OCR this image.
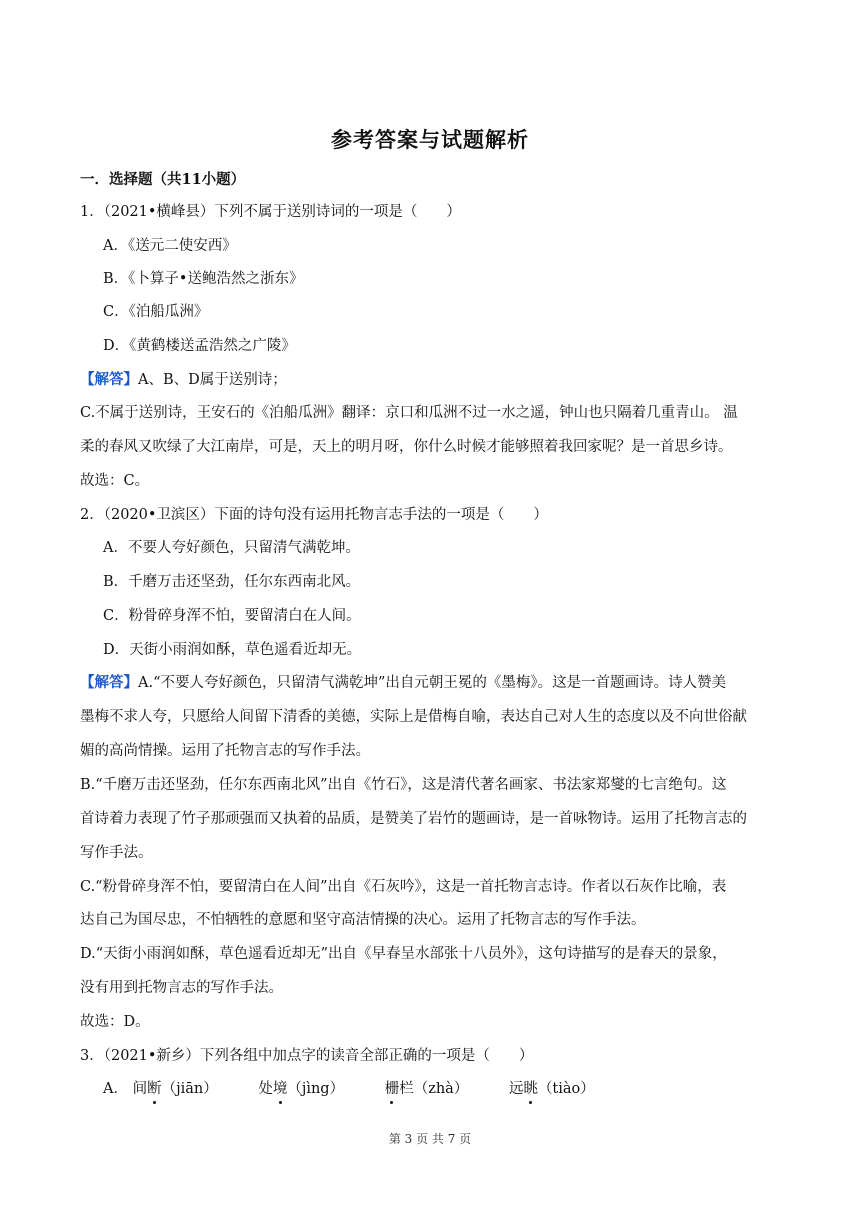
参考答案与试题解析
一．选择题（共11小题）
1．（2021•横峰县）下列不属于送别诗词的一项是（　　）
A．《送元二使安西》
B．《卜算子•送鲍浩然之浙东》
C．《泊船瓜洲》
D．《黄鹤楼送孟浩然之广陵》
【解答】A、B、D属于送别诗；
C.不属于送别诗，王安石的《泊船瓜洲》翻译：京口和瓜洲不过一水之遥，钟山也只隔着几重青山。 温
柔的春风又吹绿了大江南岸，可是，天上的明月呀，你什么时候才能够照着我回家呢？是一首思乡诗。
故选：C。
2．（2020•卫滨区）下面的诗句没有运用托物言志手法的一项是（　　）
A．不要人夸好颜色，只留清气满乾坤。
B．千磨万击还坚劲，任尔东西南北风。
C．粉骨碎身浑不怕，要留清白在人间。
D．天街小雨润如酥，草色遥看近却无。
【解答】A.“不要人夸好颜色，只留清气满乾坤”出自元朝王冕的《墨梅》。这是一首题画诗。诗人赞美
墨梅不求人夸，只愿给人间留下清香的美德，实际上是借梅自喻，表达自己对人生的态度以及不向世俗献
媚的高尚情操。运用了托物言志的写作手法。
B.“千磨万击还坚劲，任尔东西南北风”出自《竹石》，这是清代著名画家、书法家郑燮的七言绝句。这
首诗着力表现了竹子那顽强而又执着的品质，是赞美了岩竹的题画诗，是一首咏物诗。运用了托物言志的
写作手法。
C.“粉骨碎身浑不怕，要留清白在人间”出自《石灰吟》，这是一首托物言志诗。作者以石灰作比喻，表
达自己为国尽忠，不怕牺牲的意愿和坚守高洁情操的决心。运用了托物言志的写作手法。
D.“天街小雨润如酥，草色遥看近却无”出自《早春呈水部张十八员外》，这句诗描写的是春天的景象，
没有用到托物言志的写作手法。
故选：D。
3．（2021•新乡）下列各组中加点字的读音全部正确的一项是（　　）
A． 间断（jiān）	处境（jìng）	栅栏（zhà）	远眺（tiào）
第 3 页 共 7 页
